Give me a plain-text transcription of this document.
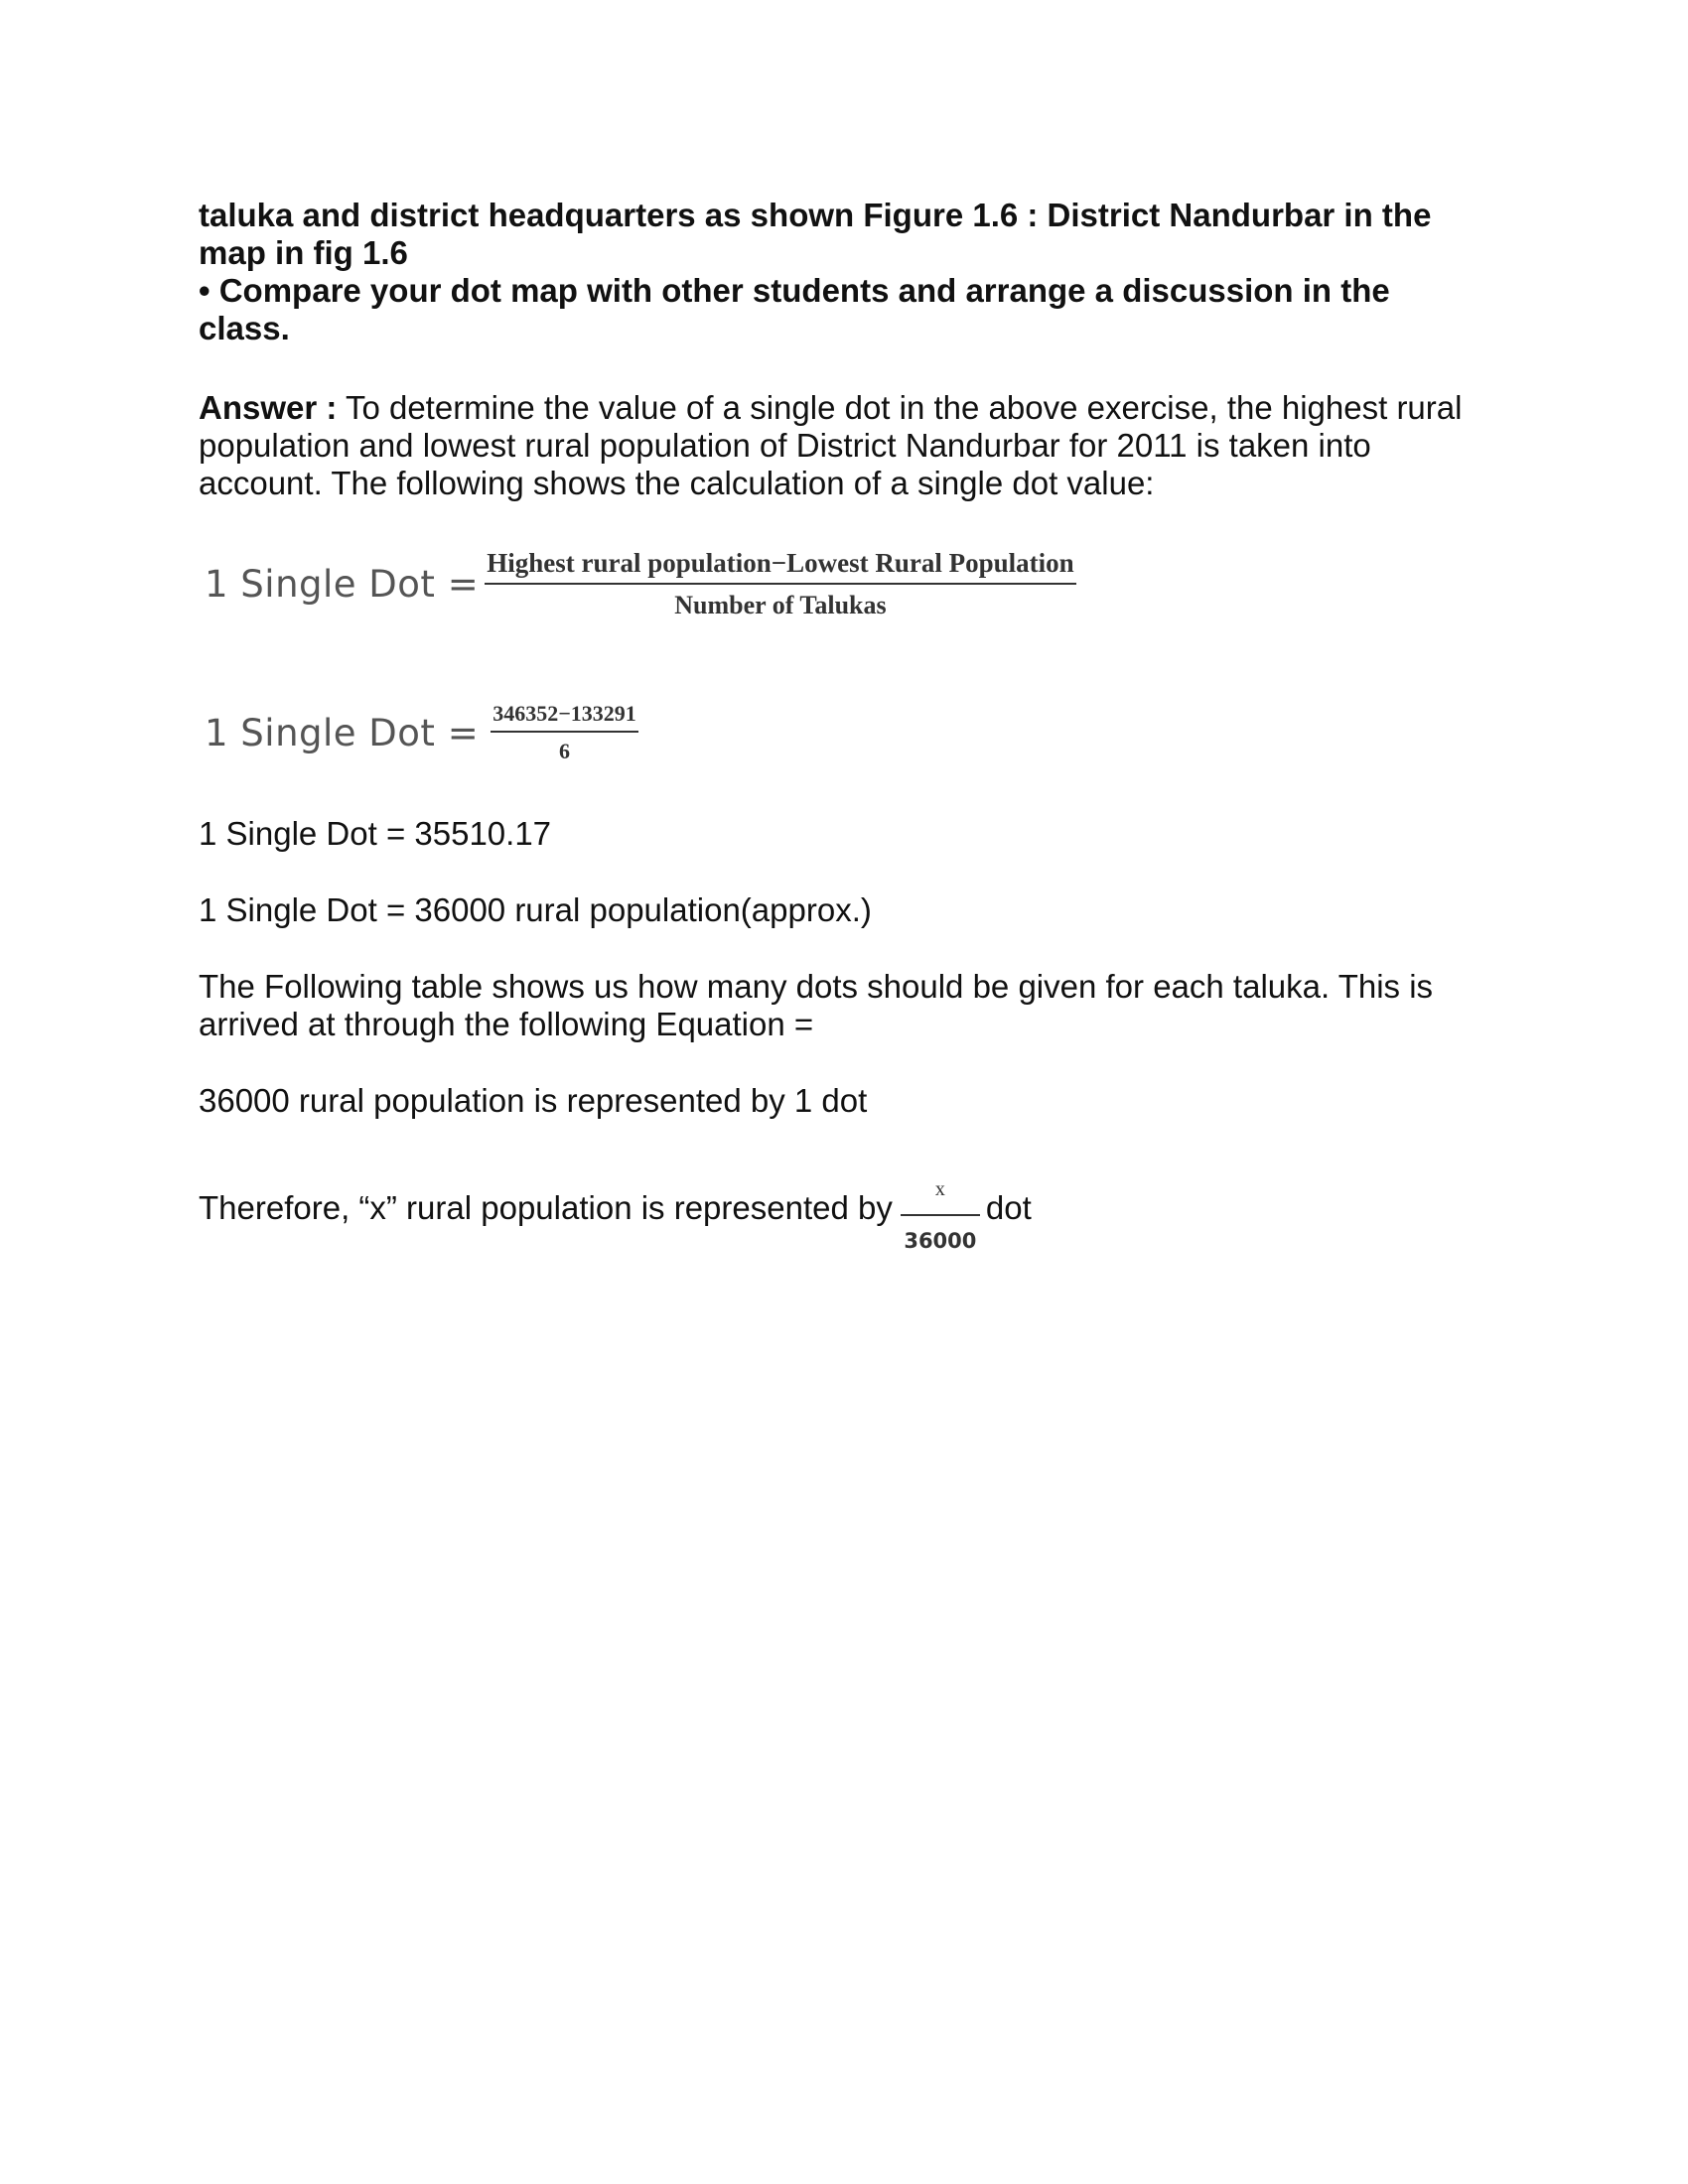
taluka and district headquarters as shown Figure 1.6 : District Nandurbar in the map in fig 1.6

• Compare your dot map with other students and arrange a discussion in the class.

Answer : To determine the value of a single dot in the above exercise, the highest rural population and lowest rural population of District Nandurbar for 2011 is taken into account. The following shows the calculation of a single dot value:
1 Single Dot = $\frac{\text{Highest rural population−Lowest Rural Population}}{\text{Number of Talukas}}$
1 Single Dot = $\frac{346352-133291}{6}$

1 Single Dot = 35510.17

1 Single Dot = 36000 rural population(approx.)

The Following table shows us how many dots should be given for each taluka. This is arrived at through the following Equation =

36000 rural population is represented by 1 dot

Therefore, “x” rural population is represented by $\frac{x}{36000}$ dot
